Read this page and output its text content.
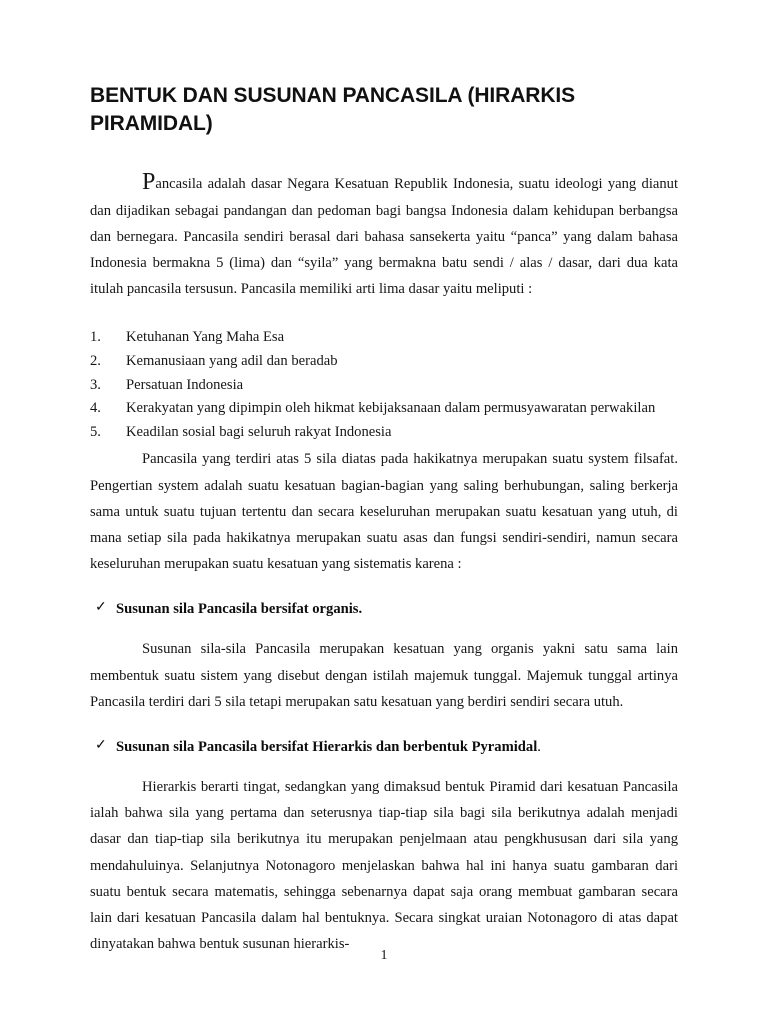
BENTUK DAN SUSUNAN PANCASILA (HIRARKIS PIRAMIDAL)

Pancasila adalah dasar Negara Kesatuan Republik Indonesia, suatu ideologi yang dianut dan dijadikan sebagai pandangan dan pedoman bagi bangsa Indonesia dalam kehidupan berbangsa dan bernegara. Pancasila sendiri berasal dari bahasa sansekerta yaitu “panca” yang dalam bahasa Indonesia bermakna 5 (lima) dan “syila” yang bermakna batu sendi / alas / dasar, dari dua kata itulah pancasila tersusun. Pancasila memiliki arti lima dasar yaitu meliputi :

1.	Ketuhanan Yang Maha Esa
2.	Kemanusiaan yang adil dan beradab
3.	Persatuan Indonesia
4.	Kerakyatan yang dipimpin oleh hikmat kebijaksanaan dalam permusyawaratan perwakilan
5.	Keadilan sosial bagi seluruh rakyat Indonesia

Pancasila yang terdiri atas 5 sila diatas pada hakikatnya merupakan suatu system filsafat. Pengertian system adalah suatu kesatuan bagian-bagian yang saling berhubungan, saling berkerja sama untuk suatu tujuan tertentu dan secara keseluruhan merupakan suatu kesatuan yang utuh, di mana setiap sila pada hakikatnya merupakan suatu asas dan fungsi sendiri-sendiri, namun secara keseluruhan merupakan suatu kesatuan yang sistematis karena :

✓ Susunan sila Pancasila bersifat organis.

Susunan sila-sila Pancasila merupakan kesatuan yang organis yakni satu sama lain membentuk suatu sistem yang disebut dengan istilah majemuk tunggal. Majemuk tunggal artinya Pancasila terdiri dari 5 sila tetapi merupakan satu kesatuan yang berdiri sendiri secara utuh.

✓ Susunan sila Pancasila bersifat Hierarkis dan berbentuk Pyramidal.

Hierarkis berarti tingat, sedangkan yang dimaksud bentuk Piramid dari kesatuan Pancasila ialah bahwa sila yang pertama dan seterusnya tiap-tiap sila bagi sila berikutnya adalah menjadi dasar dan tiap-tiap sila berikutnya itu merupakan penjelmaan atau pengkhususan dari sila yang mendahuluinya. Selanjutnya Notonagoro menjelaskan bahwa hal ini hanya suatu gambaran dari suatu bentuk secara matematis, sehingga sebenarnya dapat saja orang membuat gambaran secara lain dari kesatuan Pancasila dalam hal bentuknya. Secara singkat uraian Notonagoro di atas dapat dinyatakan bahwa bentuk susunan hierarkis-

1
